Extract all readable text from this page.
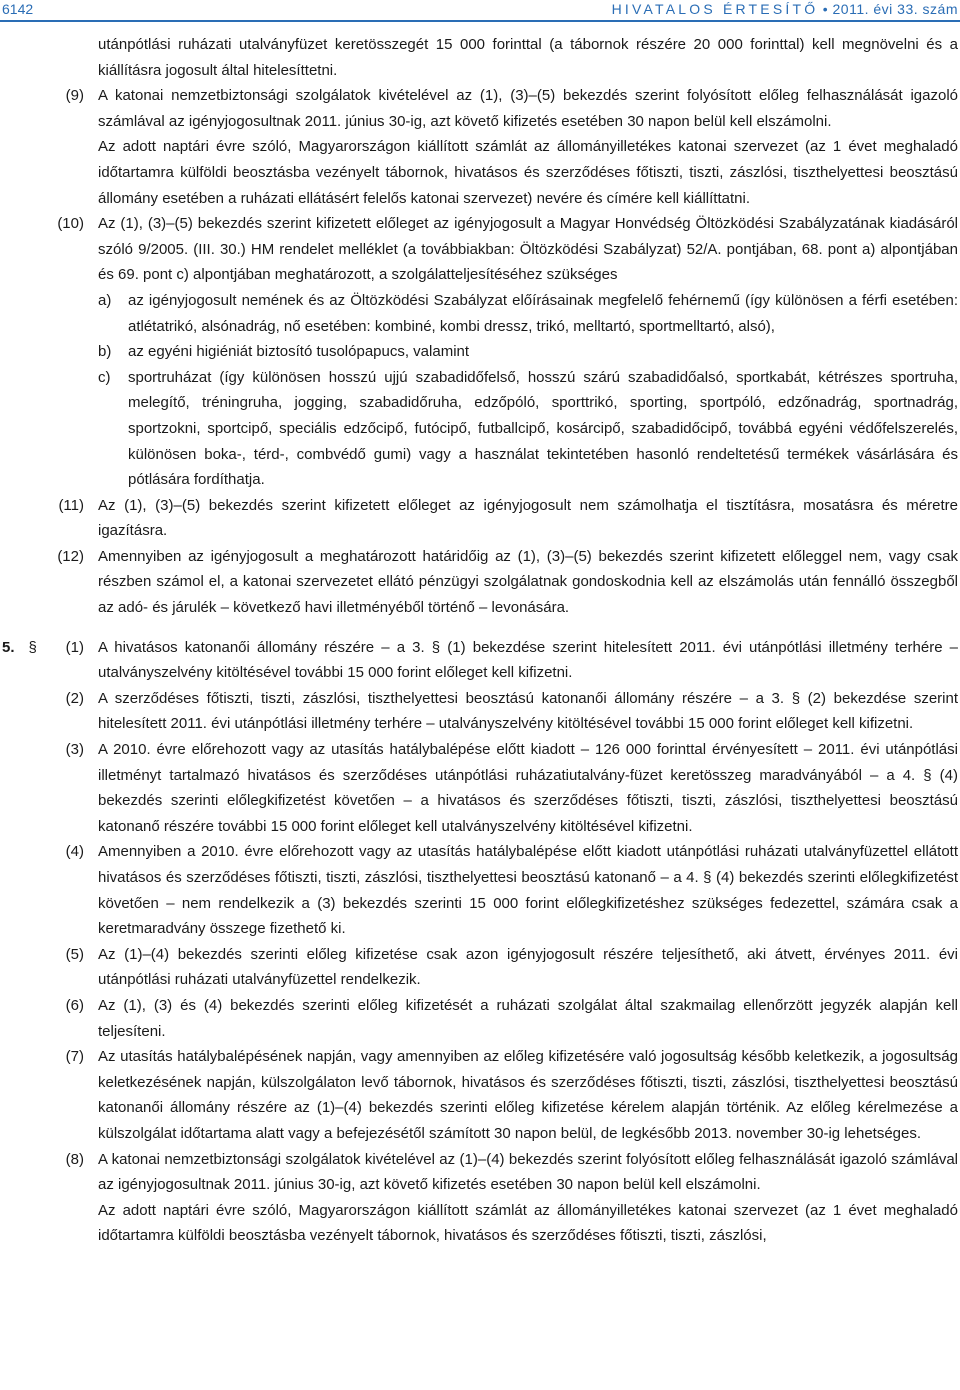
6142	HIVATALOS ÉRTESÍTŐ • 2011. évi 33. szám
utánpótlási ruházati utalványfüzet keretösszegét 15 000 forinttal (a tábornok részére 20 000 forinttal) kell megnövelni és a kiállításra jogosult által hitelesíttetni.
(9) A katonai nemzetbiztonsági szolgálatok kivételével az (1), (3)–(5) bekezdés szerint folyósított előleg felhasználását igazoló számlával az igényjogosultnak 2011. június 30-ig, azt követő kifizetés esetében 30 napon belül kell elszámolni.
Az adott naptári évre szóló, Magyarországon kiállított számlát az állományilletékes katonai szervezet (az 1 évet meghaladó időtartamra külföldi beosztásba vezényelt tábornok, hivatásos és szerződéses főtiszti, tiszti, zászlósi, tiszthelyettesi beosztású állomány esetében a ruházati ellátásért felelős katonai szervezet) nevére és címére kell kiállíttatni.
(10) Az (1), (3)–(5) bekezdés szerint kifizetett előleget az igényjogosult a Magyar Honvédség Öltözködési Szabályzatának kiadásáról szóló 9/2005. (III. 30.) HM rendelet melléklet (a továbbiakban: Öltözködési Szabályzat) 52/A. pontjában, 68. pont a) alpontjában és 69. pont c) alpontjában meghatározott, a szolgálatteljesítéséhez szükséges
a) az igényjogosult nemének és az Öltözködési Szabályzat előírásainak megfelelő fehérnemű (így különösen a férfi esetében: atlétatrikó, alsónadrág, nő esetében: kombiné, kombi dressz, trikó, melltartó, sportmelltartó, alsó),
b) az egyéni higiéniát biztosító tusolópapucs, valamint
c) sportruházat (így különösen hosszú ujjú szabadidőfelső, hosszú szárú szabadidőalsó, sportkabát, kétrészes sportruha, melegítő, tréningruha, jogging, szabadidőruha, edzőpóló, sporttrikó, sporting, sportpóló, edzőnadrág, sportnadrág, sportzokni, sportcipő, speciális edzőcipő, futócipő, futballcipő, kosárcipő, szabadidőcipő, továbbá egyéni védőfelszerelés, különösen boka-, térd-, combvédő gumi) vagy a használat tekintetében hasonló rendeltetésű termékek vásárlására és pótlására fordíthatja.
(11) Az (1), (3)–(5) bekezdés szerint kifizetett előleget az igényjogosult nem számolhatja el tisztításra, mosatásra és méretre igazításra.
(12) Amennyiben az igényjogosult a meghatározott határidőig az (1), (3)–(5) bekezdés szerint kifizetett előleggel nem, vagy csak részben számol el, a katonai szervezetet ellátó pénzügyi szolgálatnak gondoskodnia kell az elszámolás után fennálló összegből az adó- és járulék – következő havi illetményéből történő – levonására.
5. §	(1) A hivatásos katonanői állomány részére – a 3. § (1) bekezdése szerint hitelesített 2011. évi utánpótlási illetmény terhére – utalványszelvény kitöltésével további 15 000 forint előleget kell kifizetni.
(2) A szerződéses főtiszti, tiszti, zászlósi, tiszthelyettesi beosztású katonanői állomány részére – a 3. § (2) bekezdése szerint hitelesített 2011. évi utánpótlási illetmény terhére – utalványszelvény kitöltésével további 15 000 forint előleget kell kifizetni.
(3) A 2010. évre előrehozott vagy az utasítás hatálybalépése előtt kiadott – 126 000 forinttal érvényesített – 2011. évi utánpótlási illetményt tartalmazó hivatásos és szerződéses utánpótlási ruházatiutalvány-füzet keretösszeg maradványából – a 4. § (4) bekezdés szerinti előlegkifizetést követően – a hivatásos és szerződéses főtiszti, tiszti, zászlósi, tiszthelyettesi beosztású katonanő részére további 15 000 forint előleget kell utalványszelvény kitöltésével kifizetni.
(4) Amennyiben a 2010. évre előrehozott vagy az utasítás hatálybalépése előtt kiadott utánpótlási ruházati utalványfüzettel ellátott hivatásos és szerződéses főtiszti, tiszti, zászlósi, tiszthelyettesi beosztású katonanő – a 4. § (4) bekezdés szerinti előlegkifizetést követően – nem rendelkezik a (3) bekezdés szerinti 15 000 forint előlegkifizetéshez szükséges fedezettel, számára csak a keretmaradvány összege fizethető ki.
(5) Az (1)–(4) bekezdés szerinti előleg kifizetése csak azon igényjogosult részére teljesíthető, aki átvett, érvényes 2011. évi utánpótlási ruházati utalványfüzettel rendelkezik.
(6) Az (1), (3) és (4) bekezdés szerinti előleg kifizetését a ruházati szolgálat által szakmailag ellenőrzött jegyzék alapján kell teljesíteni.
(7) Az utasítás hatálybalépésének napján, vagy amennyiben az előleg kifizetésére való jogosultság később keletkezik, a jogosultság keletkezésének napján, külszolgálaton levő tábornok, hivatásos és szerződéses főtiszti, tiszti, zászlósi, tiszthelyettesi beosztású katonanői állomány részére az (1)–(4) bekezdés szerinti előleg kifizetése kérelem alapján történik. Az előleg kérelmezése a külszolgálat időtartama alatt vagy a befejezésétől számított 30 napon belül, de legkésőbb 2013. november 30-ig lehetséges.
(8) A katonai nemzetbiztonsági szolgálatok kivételével az (1)–(4) bekezdés szerint folyósított előleg felhasználását igazoló számlával az igényjogosultnak 2011. június 30-ig, azt követő kifizetés esetében 30 napon belül kell elszámolni.
Az adott naptári évre szóló, Magyarországon kiállított számlát az állományilletékes katonai szervezet (az 1 évet meghaladó időtartamra külföldi beosztásba vezényelt tábornok, hivatásos és szerződéses főtiszti, tiszti, zászlósi,
